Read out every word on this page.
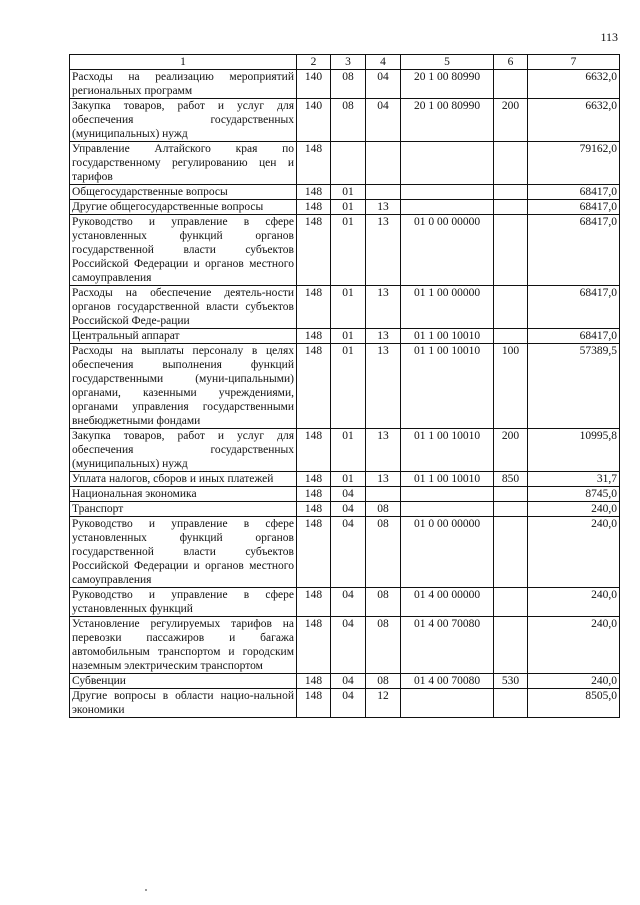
113
1	2	3	4	5	6	7
Расходы на реализацию мероприятий региональных программ	140	08	04	20 1 00 80990		6632,0
Закупка товаров, работ и услуг для обеспечения государственных (муниципальных) нужд	140	08	04	20 1 00 80990	200	6632,0
Управление Алтайского края по государственному регулированию цен и тарифов	148					79162,0
Общегосударственные вопросы	148	01				68417,0
Другие общегосударственные вопросы	148	01	13			68417,0
Руководство и управление в сфере установленных функций органов государственной власти субъектов Российской Федерации и органов местного самоуправления	148	01	13	01 0 00 00000		68417,0
Расходы на обеспечение деятель-ности органов государственной власти субъектов Российской Феде-рации	148	01	13	01 1 00 00000		68417,0
Центральный аппарат	148	01	13	01 1 00 10010		68417,0
Расходы на выплаты персоналу в целях обеспечения выполнения функций государственными (муни-ципальными) органами, казенными учреждениями, органами управления государственными внебюджетными фондами	148	01	13	01 1 00 10010	100	57389,5
Закупка товаров, работ и услуг для обеспечения государственных (муниципальных) нужд	148	01	13	01 1 00 10010	200	10995,8
Уплата налогов, сборов и иных платежей	148	01	13	01 1 00 10010	850	31,7
Национальная экономика	148	04				8745,0
Транспорт	148	04	08			240,0
Руководство и управление в сфере установленных функций органов государственной власти субъектов Российской Федерации и органов местного самоуправления	148	04	08	01 0 00 00000		240,0
Руководство и управление в сфере установленных функций	148	04	08	01 4 00 00000		240,0
Установление регулируемых тарифов на перевозки пассажиров и багажа автомобильным транспортом и городским наземным электрическим транспортом	148	04	08	01 4 00 70080		240,0
Субвенции	148	04	08	01 4 00 70080	530	240,0
Другие вопросы в области нацио-нальной экономики	148	04	12			8505,0
